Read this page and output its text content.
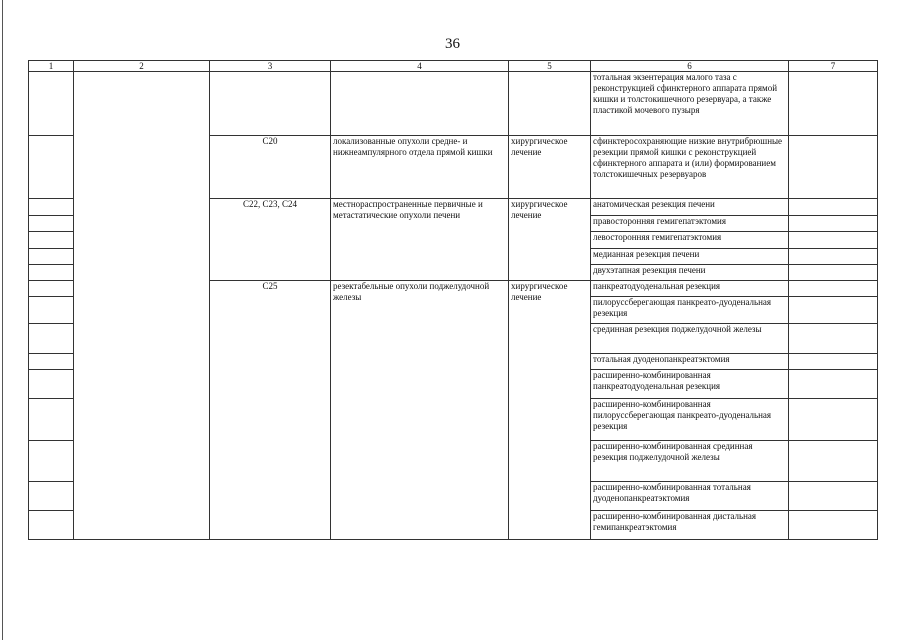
36
1	2	3	4	5	6	7
					тотальная экзентерация малого таза с реконструкцией сфинктерного аппарата прямой кишки и толстокишечного резервуара, а также пластикой мочевого пузыря	
		С20	локализованные опухоли средне- и нижнеампулярного отдела прямой кишки	хирургическое лечение	сфинктеросохраняющие низкие внутрибрюшные резекции прямой кишки с реконструкцией сфинктерного аппарата и (или) формированием толстокишечных резервуаров	
		С22, С23, С24	местнораспространенные первичные и метастатические опухоли печени	хирургическое лечение	анатомическая резекция печени	
					правосторонняя гемигепатэктомия	
					левосторонняя гемигепатэктомия	
					медианная резекция печени	
					двухэтапная резекция печени	
		С25	резектабельные опухоли поджелудочной железы	хирургическое лечение	панкреатодуоденальная резекция	
					пилоруссберегающая панкреато-дуоденальная резекция	
					срединная резекция поджелудочной железы	
					тотальная дуоденопанкреатэктомия	
					расширенно-комбинированная панкреатодуоденальная резекция	
					расширенно-комбинированная пилоруссберегающая панкреато-дуоденальная резекция	
					расширенно-комбинированная срединная резекция поджелудочной железы	
					расширенно-комбинированная тотальная дуоденопанкреатэктомия	
					расширенно-комбинированная дистальная гемипанкреатэктомия	
